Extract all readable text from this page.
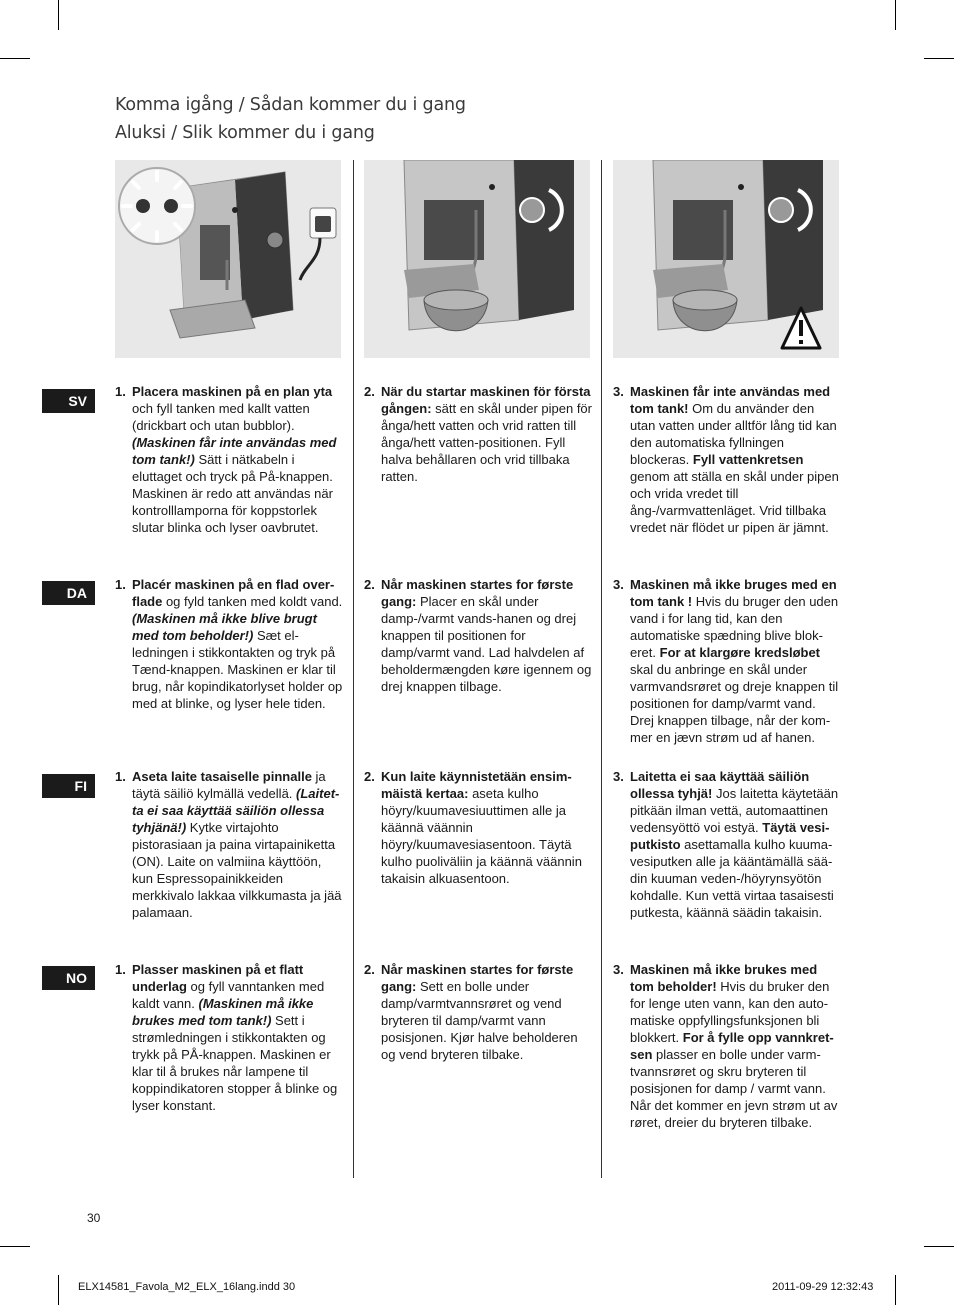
Komma igång / Sådan kommer du i gang
Aluksi / Slik kommer du i gang
SV
DA
FI
NO
1. Placera maskinen på en plan yta och fyll tanken med kallt vatten (drickbart och utan bubblor). (Maskinen får inte användas med tom tank!) Sätt i nätkabeln i eluttaget och tryck på På-knappen. Maskinen är redo att användas när kontrolllamporna för koppstorlek slutar blinka och lyser oavbrutet.
2. När du startar maskinen för första gången: sätt en skål under pipen för ånga/hett vatten och vrid ratten till ånga/hett vatten-positionen. Fyll halva behållaren och vrid tillbaka ratten.
3. Maskinen får inte användas med tom tank! Om du använder den utan vatten under alltför lång tid kan den automatiska fyllningen blockeras. Fyll vattenkretsen genom att ställa en skål under pipen och vrida vredet till ång-/varmvattenläget. Vrid tillbaka vredet när flödet ur pipen är jämnt.
1. Placér maskinen på en flad overflade og fyld tanken med koldt vand. (Maskinen må ikke blive brugt med tom beholder!) Sæt elledningen i stikkontakten og tryk på Tænd-knappen. Maskinen er klar til brug, når kopindikatorlyset holder op med at blinke, og lyser hele tiden.
2. Når maskinen startes for første gang: Placer en skål under damp-/varmt vands-hanen og drej knappen til positionen for damp/varmt vand. Lad halvdelen af beholdermængden køre igennem og drej knappen tilbage.
3. Maskinen må ikke bruges med en tom tank ! Hvis du bruger den uden vand i for lang tid, kan den automatiske spædning blive blokeret. For at klargøre kredsløbet skal du anbringe en skål under varmvandsrøret og dreje knappen til positionen for damp/varmt vand. Drej knappen tilbage, når der kommer en jævn strøm ud af hanen.
1. Aseta laite tasaiselle pinnalle ja täytä säiliö kylmällä vedellä. (Laitetta ei saa käyttää säiliön ollessa tyhjänä!) Kytke virtajohto pistorasiaan ja paina virtapainiketta (ON). Laite on valmiina käyttöön, kun Espressopainikkeiden merkkivalo lakkaa vilkkumasta ja jää palamaan.
2. Kun laite käynnistetään ensimmäistä kertaa: aseta kulho höyry/kuumavesiuuttimen alle ja käännä väännin höyry/kuumavesiasentoon. Täytä kulho puoliväliin ja käännä väännin takaisin alkuasentoon.
3. Laitetta ei saa käyttää säiliön ollessa tyhjä! Jos laitetta käytetään pitkään ilman vettä, automaattinen vedensyöttö voi estyä. Täytä vesiputkisto asettamalla kulho kuumavesiputken alle ja kääntämällä säädin kuuman veden-/höyrynsyötön kohdalle. Kun vettä virtaa tasaisesti putkesta, käännä säädin takaisin.
1. Plasser maskinen på et flatt underlag og fyll vanntanken med kaldt vann. (Maskinen må ikke brukes med tom tank!) Sett i strømledningen i stikkontakten og trykk på PÅ-knappen. Maskinen er klar til å brukes når lampene til koppindikatoren stopper å blinke og lyser konstant.
2. Når maskinen startes for første gang: Sett en bolle under damp/varmtvannsrøret og vend bryteren til damp/varmt vann posisjonen. Kjør halve beholderen og vend bryteren tilbake.
3. Maskinen må ikke brukes med tom beholder! Hvis du bruker den for lenge uten vann, kan den automatiske oppfyllingsfunksjonen bli blokkert. For å fylle opp vannkretsen plasser en bolle under varmtvannsrøret og skru bryteren til posisjonen for damp / varmt vann. Når det kommer en jevn strøm ut av røret, dreier du bryteren tilbake.
30
ELX14581_Favola_M2_ELX_16lang.indd 30	2011-09-29 12:32:43
